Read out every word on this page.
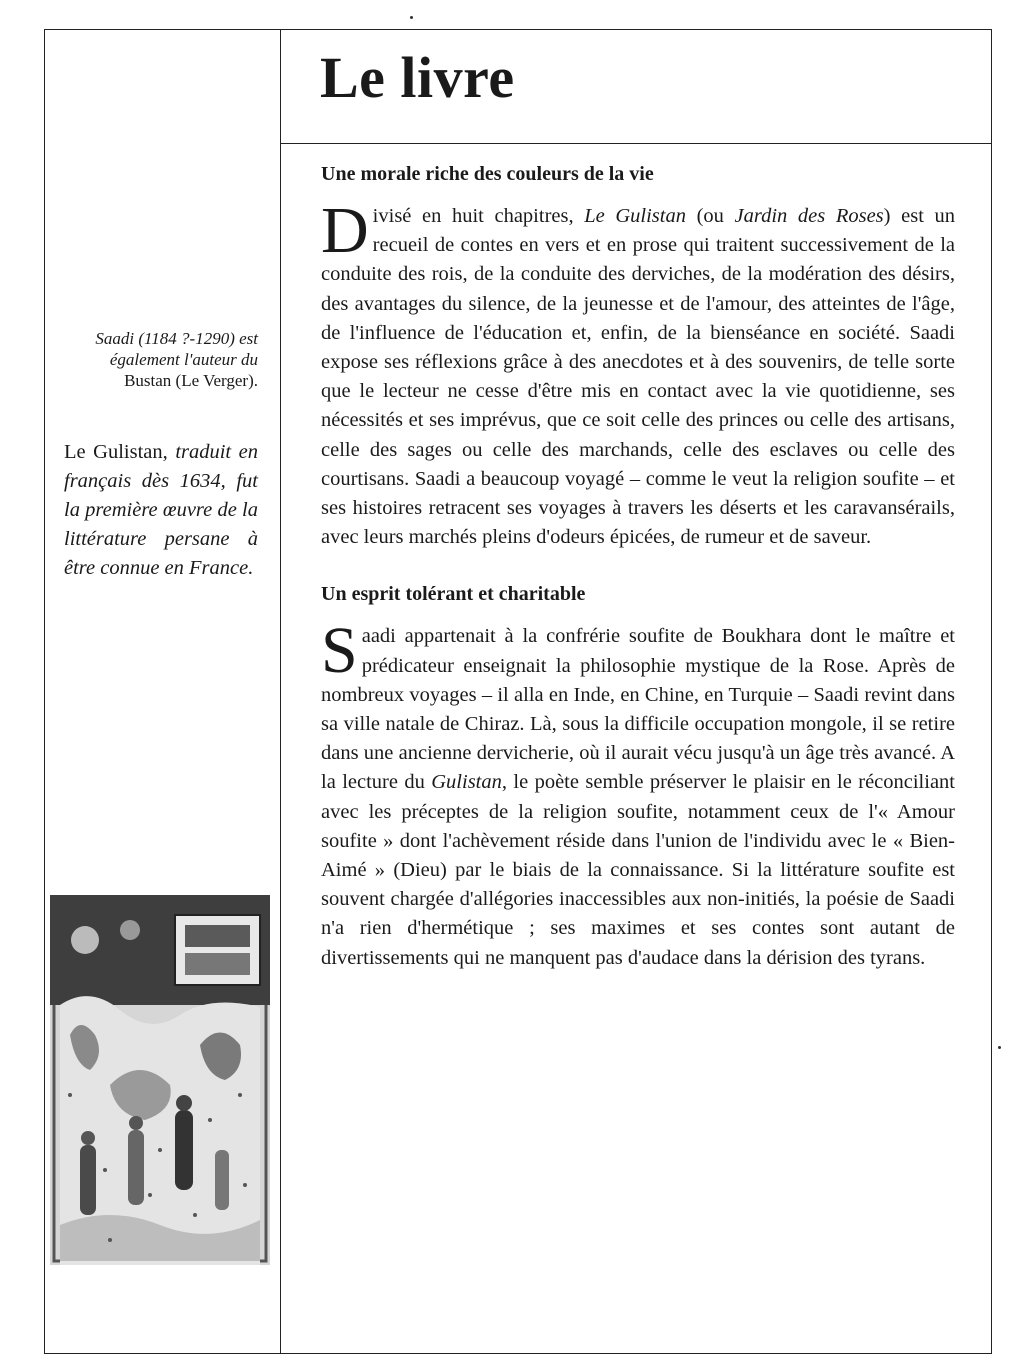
Le livre
Saadi (1184 ?-1290) est également l'auteur du Bustan (Le Verger).
Le Gulistan, traduit en français dès 1634, fut la première œuvre de la littérature persane à être connue en France.
Une morale riche des couleurs de la vie

Divisé en huit chapitres, Le Gulistan (ou Jardin des Roses) est un recueil de contes en vers et en prose qui traitent successivement de la conduite des rois, de la conduite des derviches, de la modération des désirs, des avantages du silence, de la jeunesse et de l'amour, des atteintes de l'âge, de l'influence de l'éducation et, enfin, de la bienséance en société. Saadi expose ses réflexions grâce à des anecdotes et à des souvenirs, de telle sorte que le lecteur ne cesse d'être mis en contact avec la vie quotidienne, ses nécessités et ses imprévus, que ce soit celle des princes ou celle des artisans, celle des sages ou celle des marchands, celle des esclaves ou celle des courtisans. Saadi a beaucoup voyagé – comme le veut la religion soufite – et ses histoires retracent ses voyages à travers les déserts et les caravansérails, avec leurs marchés pleins d'odeurs épicées, de rumeur et de saveur.

Un esprit tolérant et charitable

Saadi appartenait à la confrérie soufite de Boukhara dont le maître et prédicateur enseignait la philosophie mystique de la Rose. Après de nombreux voyages – il alla en Inde, en Chine, en Turquie – Saadi revint dans sa ville natale de Chiraz. Là, sous la difficile occupation mongole, il se retire dans une ancienne dervicherie, où il aurait vécu jusqu'à un âge très avancé. A la lecture du Gulistan, le poète semble préserver le plaisir en le réconciliant avec les préceptes de la religion soufite, notamment ceux de l'« Amour soufite » dont l'achèvement réside dans l'union de l'individu avec le « Bien-Aimé » (Dieu) par le biais de la connaissance. Si la littérature soufite est souvent chargée d'allégories inaccessibles aux non-initiés, la poésie de Saadi n'a rien d'hermétique ; ses maximes et ses contes sont autant de divertissements qui ne manquent pas d'audace dans la dérision des tyrans.
